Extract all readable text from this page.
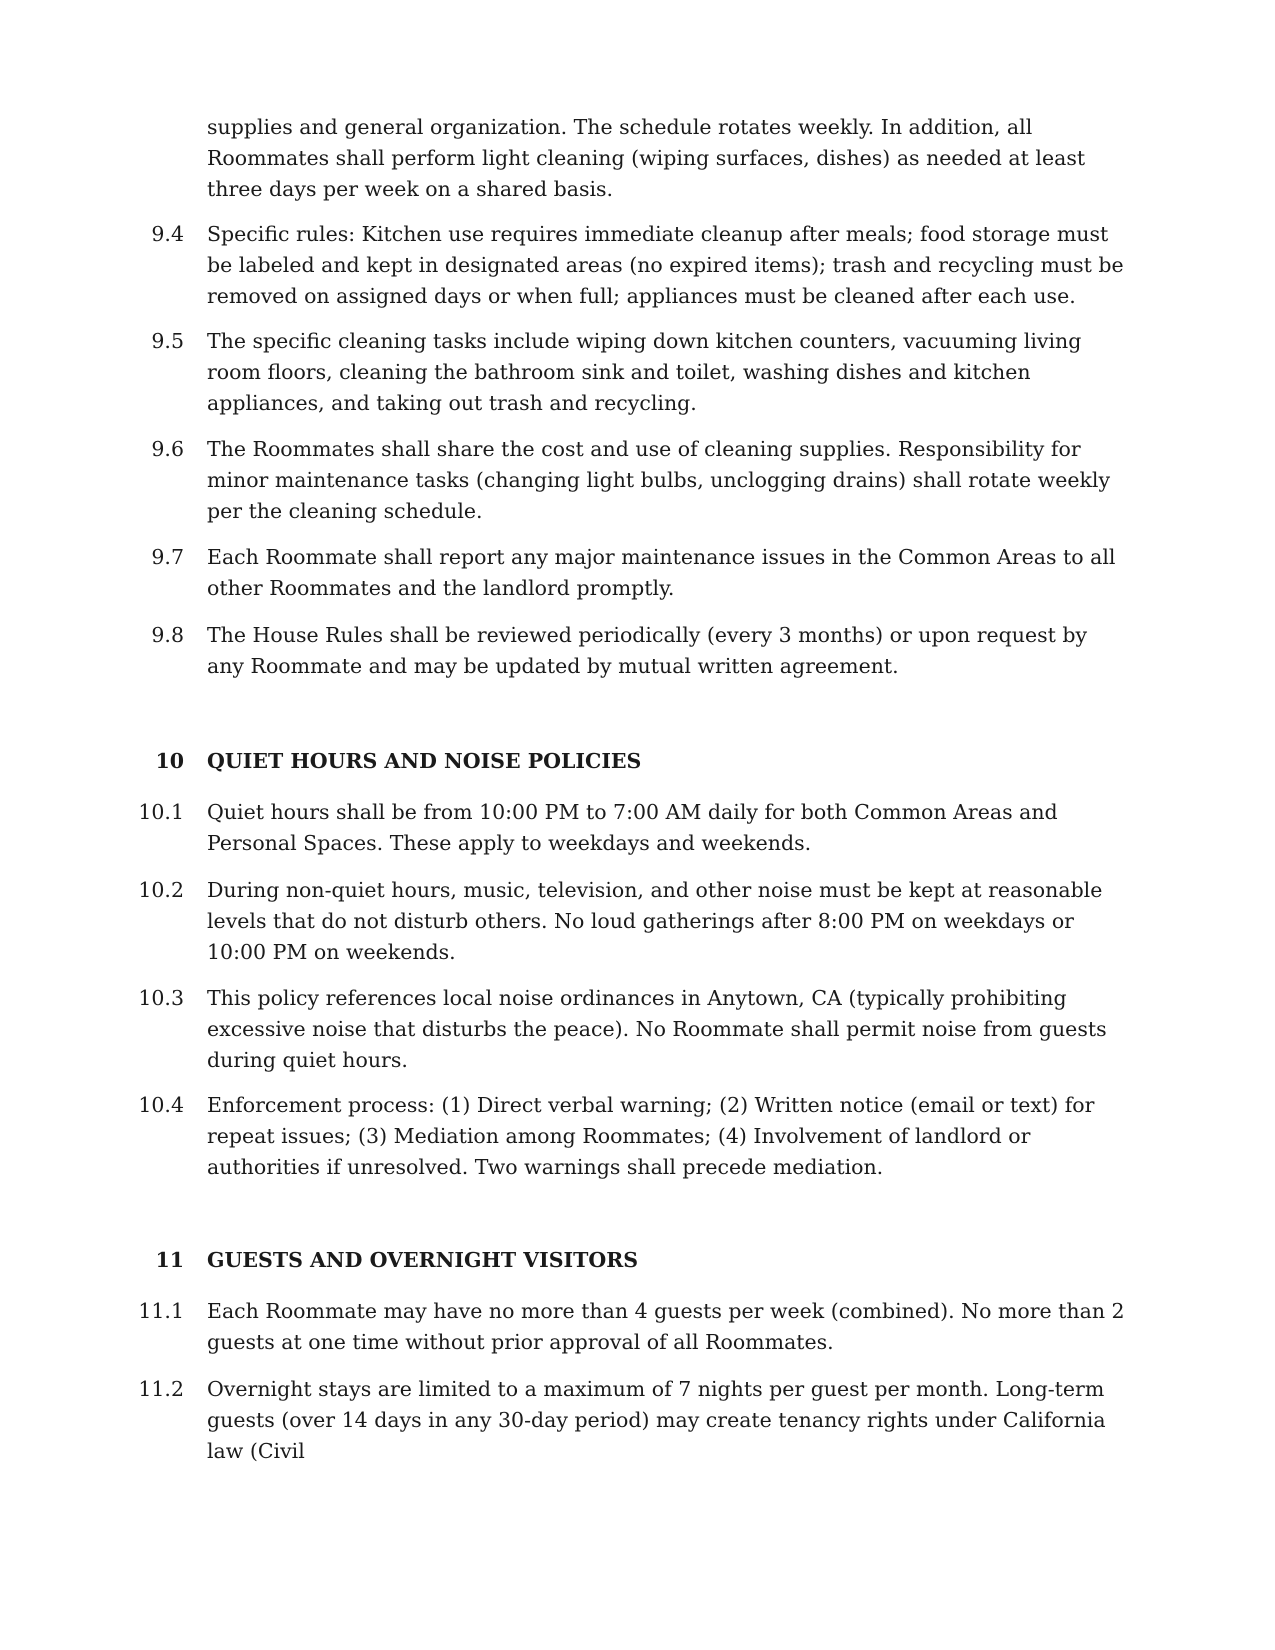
supplies and general organization. The schedule rotates weekly. In addition, all Roommates shall perform light cleaning (wiping surfaces, dishes) as needed at least three days per week on a shared basis.

9.4 Specific rules: Kitchen use requires immediate cleanup after meals; food storage must be labeled and kept in designated areas (no expired items); trash and recycling must be removed on assigned days or when full; appliances must be cleaned after each use.

9.5 The specific cleaning tasks include wiping down kitchen counters, vacuuming living room floors, cleaning the bathroom sink and toilet, washing dishes and kitchen appliances, and taking out trash and recycling.

9.6 The Roommates shall share the cost and use of cleaning supplies. Responsibility for minor maintenance tasks (changing light bulbs, unclogging drains) shall rotate weekly per the cleaning schedule.

9.7 Each Roommate shall report any major maintenance issues in the Common Areas to all other Roommates and the landlord promptly.

9.8 The House Rules shall be reviewed periodically (every 3 months) or upon request by any Roommate and may be updated by mutual written agreement.

10 QUIET HOURS AND NOISE POLICIES
10.1 Quiet hours shall be from 10:00 PM to 7:00 AM daily for both Common Areas and Personal Spaces. These apply to weekdays and weekends.

10.2 During non-quiet hours, music, television, and other noise must be kept at reasonable levels that do not disturb others. No loud gatherings after 8:00 PM on weekdays or 10:00 PM on weekends.

10.3 This policy references local noise ordinances in Anytown, CA (typically prohibiting excessive noise that disturbs the peace). No Roommate shall permit noise from guests during quiet hours.

10.4 Enforcement process: (1) Direct verbal warning; (2) Written notice (email or text) for repeat issues; (3) Mediation among Roommates; (4) Involvement of landlord or authorities if unresolved. Two warnings shall precede mediation.

11 GUESTS AND OVERNIGHT VISITORS
11.1 Each Roommate may have no more than 4 guests per week (combined). No more than 2 guests at one time without prior approval of all Roommates.

11.2 Overnight stays are limited to a maximum of 7 nights per guest per month. Long-term guests (over 14 days in any 30-day period) may create tenancy rights under California law (Civil
